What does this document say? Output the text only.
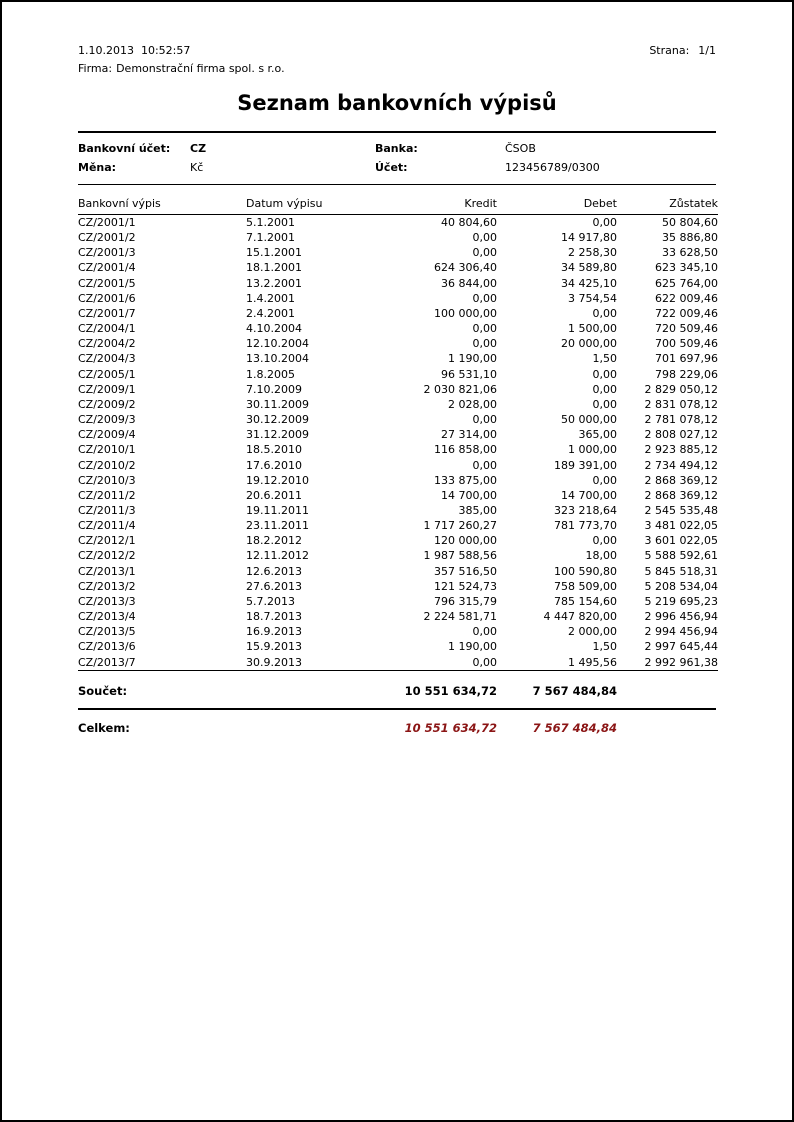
1.10.2013  10:52:57	Strana: 1/1
Firma: Demonstrační firma spol. s r.o.
Seznam bankovních výpisů
Bankovní účet:	CZ	Banka:	ČSOB
Měna:	Kč	Účet:	123456789/0300
Bankovní výpis	Datum výpisu	Kredit	Debet	Zůstatek
CZ/2001/1	5.1.2001	40 804,60	0,00	50 804,60
CZ/2001/2	7.1.2001	0,00	14 917,80	35 886,80
CZ/2001/3	15.1.2001	0,00	2 258,30	33 628,50
CZ/2001/4	18.1.2001	624 306,40	34 589,80	623 345,10
CZ/2001/5	13.2.2001	36 844,00	34 425,10	625 764,00
CZ/2001/6	1.4.2001	0,00	3 754,54	622 009,46
CZ/2001/7	2.4.2001	100 000,00	0,00	722 009,46
CZ/2004/1	4.10.2004	0,00	1 500,00	720 509,46
CZ/2004/2	12.10.2004	0,00	20 000,00	700 509,46
CZ/2004/3	13.10.2004	1 190,00	1,50	701 697,96
CZ/2005/1	1.8.2005	96 531,10	0,00	798 229,06
CZ/2009/1	7.10.2009	2 030 821,06	0,00	2 829 050,12
CZ/2009/2	30.11.2009	2 028,00	0,00	2 831 078,12
CZ/2009/3	30.12.2009	0,00	50 000,00	2 781 078,12
CZ/2009/4	31.12.2009	27 314,00	365,00	2 808 027,12
CZ/2010/1	18.5.2010	116 858,00	1 000,00	2 923 885,12
CZ/2010/2	17.6.2010	0,00	189 391,00	2 734 494,12
CZ/2010/3	19.12.2010	133 875,00	0,00	2 868 369,12
CZ/2011/2	20.6.2011	14 700,00	14 700,00	2 868 369,12
CZ/2011/3	19.11.2011	385,00	323 218,64	2 545 535,48
CZ/2011/4	23.11.2011	1 717 260,27	781 773,70	3 481 022,05
CZ/2012/1	18.2.2012	120 000,00	0,00	3 601 022,05
CZ/2012/2	12.11.2012	1 987 588,56	18,00	5 588 592,61
CZ/2013/1	12.6.2013	357 516,50	100 590,80	5 845 518,31
CZ/2013/2	27.6.2013	121 524,73	758 509,00	5 208 534,04
CZ/2013/3	5.7.2013	796 315,79	785 154,60	5 219 695,23
CZ/2013/4	18.7.2013	2 224 581,71	4 447 820,00	2 996 456,94
CZ/2013/5	16.9.2013	0,00	2 000,00	2 994 456,94
CZ/2013/6	15.9.2013	1 190,00	1,50	2 997 645,44
CZ/2013/7	30.9.2013	0,00	1 495,56	2 992 961,38
Součet:	10 551 634,72	7 567 484,84
Celkem:	10 551 634,72	7 567 484,84
